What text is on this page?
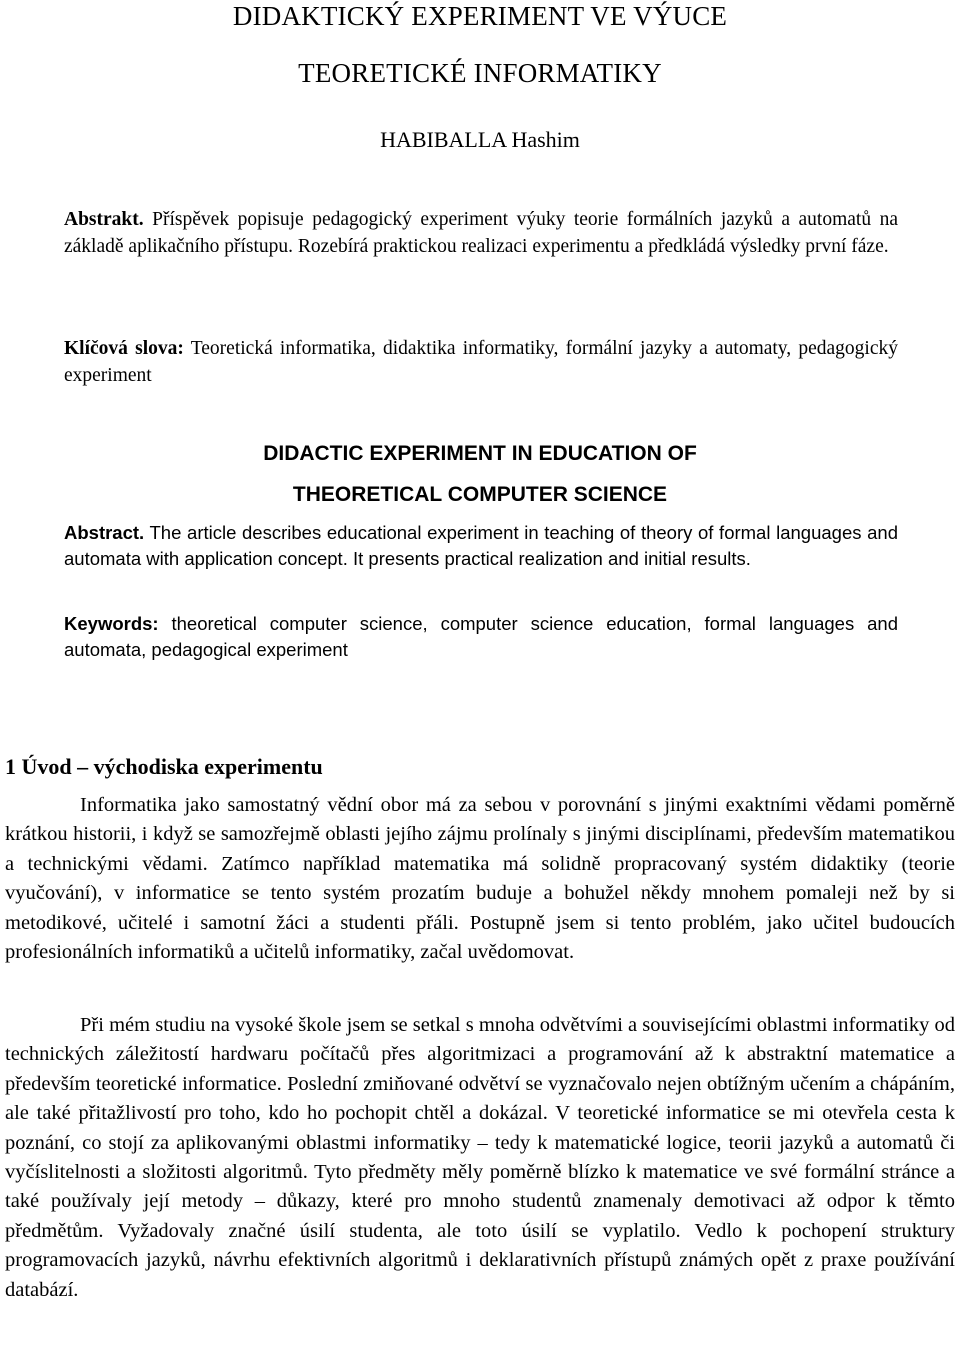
DIDAKTICKÝ EXPERIMENT VE VÝUCE
TEORETICKÉ INFORMATIKY
HABIBALLA Hashim

Abstrakt. Příspěvek popisuje pedagogický experiment výuky teorie formálních jazyků a automatů na základě aplikačního přístupu. Rozebírá praktickou realizaci experimentu a předkládá výsledky první fáze.

Klíčová slova: Teoretická informatika, didaktika informatiky, formální jazyky a automaty, pedagogický experiment

DIDACTIC EXPERIMENT IN EDUCATION OF
THEORETICAL COMPUTER SCIENCE

Abstract. The article describes educational experiment in teaching of theory of formal languages and automata with application concept. It presents practical realization and initial results.

Keywords: theoretical computer science, computer science education, formal languages and automata, pedagogical experiment

1 Úvod – východiska experimentu

Informatika jako samostatný vědní obor má za sebou v porovnání s jinými exaktními vědami poměrně krátkou historii, i když se samozřejmě oblasti jejího zájmu prolínaly s jinými disciplínami, především matematikou a technickými vědami. Zatímco například matematika má solidně propracovaný systém didaktiky (teorie vyučování), v informatice se tento systém prozatím buduje a bohužel někdy mnohem pomaleji než by si metodikové, učitelé i samotní žáci a studenti přáli. Postupně jsem si tento problém, jako učitel budoucích profesionálních informatiků a učitelů informatiky, začal uvědomovat.

Při mém studiu na vysoké škole jsem se setkal s mnoha odvětvími a souvisejícími oblastmi informatiky od technických záležitostí hardwaru počítačů přes algoritmizaci a programování až k abstraktní matematice a především teoretické informatice. Poslední zmiňované odvětví se vyznačovalo nejen obtížným učením a chápáním, ale také přitažlivostí pro toho, kdo ho pochopit chtěl a dokázal. V teoretické informatice se mi otevřela cesta k poznání, co stojí za aplikovanými oblastmi informatiky – tedy k matematické logice, teorii jazyků a automatů či vyčíslitelnosti a složitosti algoritmů. Tyto předměty měly poměrně blízko k matematice ve své formální stránce a také používaly její metody – důkazy, které pro mnoho studentů znamenaly demotivaci až odpor k těmto předmětům. Vyžadovaly značné úsilí studenta, ale toto úsilí se vyplatilo. Vedlo k pochopení struktury programovacích jazyků, návrhu efektivních algoritmů i deklarativních přístupů známých opět z praxe používání databází.
